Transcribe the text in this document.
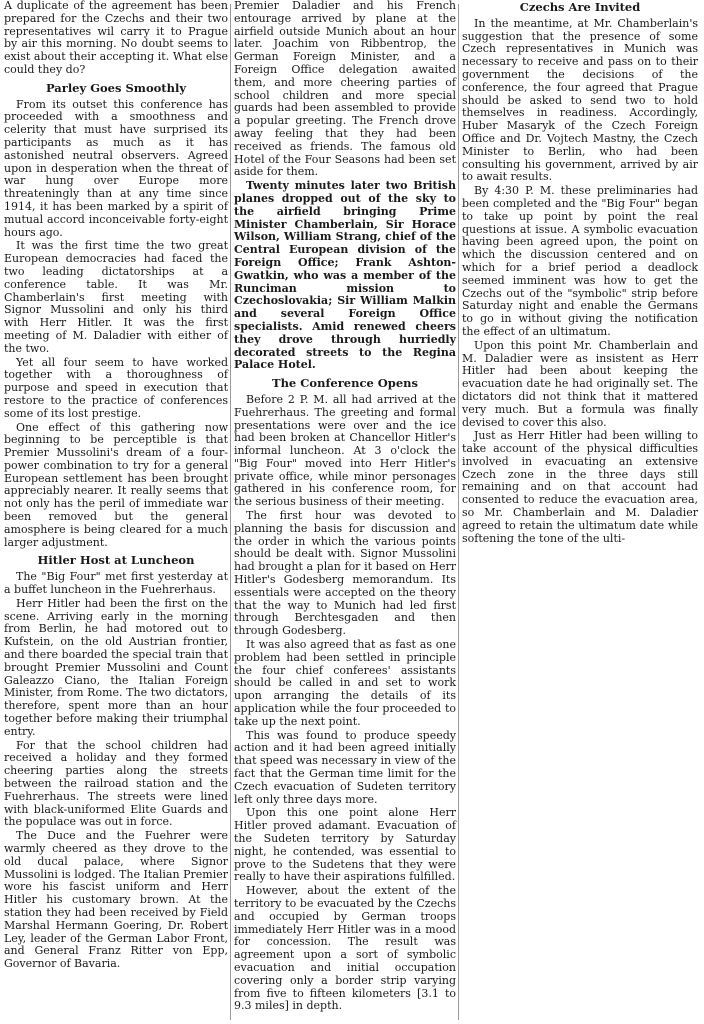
A duplicate of the agreement has been prepared for the Czechs and their two representatives wil carry it to Prague by air this morning. No doubt seems to exist about their accepting it. What else could they do?

Parley Goes Smoothly

From its outset this conference has proceeded with a smoothness and celerity that must have surprised its participants as much as it has astonished neutral observers. Agreed upon in desperation when the threat of war hung over Europe more threateningly than at any time since 1914, it has been marked by a spirit of mutual accord inconceivable forty-eight hours ago.

It was the first time the two great European democracies had faced the two leading dictatorships at a conference table. It was Mr. Chamberlain's first meeting with Signor Mussolini and only his third with Herr Hitler. It was the first meeting of M. Daladier with either of the two.

Yet all four seem to have worked together with a thoroughness of purpose and speed in execution that restore to the practice of conferences some of its lost prestige.

One effect of this gathering now beginning to be perceptible is that Premier Mussolini's dream of a four-power combination to try for a general European settlement has been brought appreciably nearer. It really seems that not only has the peril of immediate war been removed but the general amosphere is being cleared for a much larger adjustment.

Hitler Host at Luncheon

The "Big Four" met first yesterday at a buffet luncheon in the Fuehrerhaus.

Herr Hitler had been the first on the scene. Arriving early in the morning from Berlin, he had motored out to Kufstein, on the old Austrian frontier, and there boarded the special train that brought Premier Mussolini and Count Galeazzo Ciano, the Italian Foreign Minister, from Rome. The two dictators, therefore, spent more than an hour together before making their triumphal entry.

For that the school children had received a holiday and they formed cheering parties along the streets between the railroad station and the Fuehrerhaus. The streets were lined with black-uniformed Elite Guards and the populace was out in force.

The Duce and the Fuehrer were warmly cheered as they drove to the old ducal palace, where Signor Mussolini is lodged. The Italian Premier wore his fascist uniform and Herr Hitler his customary brown. At the station they had been received by Field Marshal Hermann Goering, Dr. Robert Ley, leader of the German Labor Front, and General Franz Ritter von Epp, Governor of Bavaria.

Premier Daladier and his French entourage arrived by plane at the airfield outside Munich about an hour later. Joachim von Ribbentrop, the German Foreign Minister, and a Foreign Office delegation awaited them, and more cheering parties of school children and more special guards had been assembled to provide a popular greeting. The French drove away feeling that they had been received as friends. The famous old Hotel of the Four Seasons had been set aside for them.

Twenty minutes later two British planes dropped out of the sky to the airfield bringing Prime Minister Chamberlain, Sir Horace Wilson, William Strang, chief of the Central European division of the Foreign Office; Frank Ashton-Gwatkin, who was a member of the Runciman mission to Czechoslovakia; Sir William Malkin and several Foreign Office specialists. Amid renewed cheers they drove through hurriedly decorated streets to the Regina Palace Hotel.

The Conference Opens

Before 2 P. M. all had arrived at the Fuehrerhaus. The greeting and formal presentations were over and the ice had been broken at Chancellor Hitler's informal luncheon. At 3 o'clock the "Big Four" moved into Herr Hitler's private office, while minor personages gathered in his conference room, for the serious business of their meeting.

The first hour was devoted to planning the basis for discussion and the order in which the various points should be dealt with. Signor Mussolini had brought a plan for it based on Herr Hitler's Godesberg memorandum. Its essentials were accepted on the theory that the way to Munich had led first through Berchtesgaden and then through Godesberg.

It was also agreed that as fast as one problem had been settled in principle the four chief conferees' assistants should be called in and set to work upon arranging the details of its application while the four proceeded to take up the next point.

This was found to produce speedy action and it had been agreed initially that speed was necessary in view of the fact that the German time limit for the Czech evacuation of Sudeten territory left only three days more.

Upon this one point alone Herr Hitler proved adamant. Evacuation of the Sudeten territory by Saturday night, he contended, was essential to prove to the Sudetens that they were really to have their aspirations fulfilled.

However, about the extent of the territory to be evacuated by the Czechs and occupied by German troops immediately Herr Hitler was in a mood for concession. The result was agreement upon a sort of symbolic evacuation and initial occupation covering only a border strip varying from five to fifteen kilometers [3.1 to 9.3 miles] in depth.

Czechs Are Invited

In the meantime, at Mr. Chamberlain's suggestion that the presence of some Czech representatives in Munich was necessary to receive and pass on to their government the decisions of the conference, the four agreed that Prague should be asked to send two to hold themselves in readiness. Accordingly, Huber Masaryk of the Czech Foreign Office and Dr. Vojtech Mastny, the Czech Minister to Berlin, who had been consulting his government, arrived by air to await results.

By 4:30 P. M. these preliminaries had been completed and the "Big Four" began to take up point by point the real questions at issue. A symbolic evacuation having been agreed upon, the point on which the discussion centered and on which for a brief period a deadlock seemed imminent was how to get the Czechs out of the "symbolic" strip before Saturday night and enable the Germans to go in without giving the notification the effect of an ultimatum.

Upon this point Mr. Chamberlain and M. Daladier were as insistent as Herr Hitler had been about keeping the evacuation date he had originally set. The dictators did not think that it mattered very much. But a formula was finally devised to cover this also.

Just as Herr Hitler had been willing to take account of the physical difficulties involved in evacuating an extensive Czech zone in the three days still remaining and on that account had consented to reduce the evacuation area, so Mr. Chamberlain and M. Daladier agreed to retain the ultimatum date while softening the tone of the ulti-
